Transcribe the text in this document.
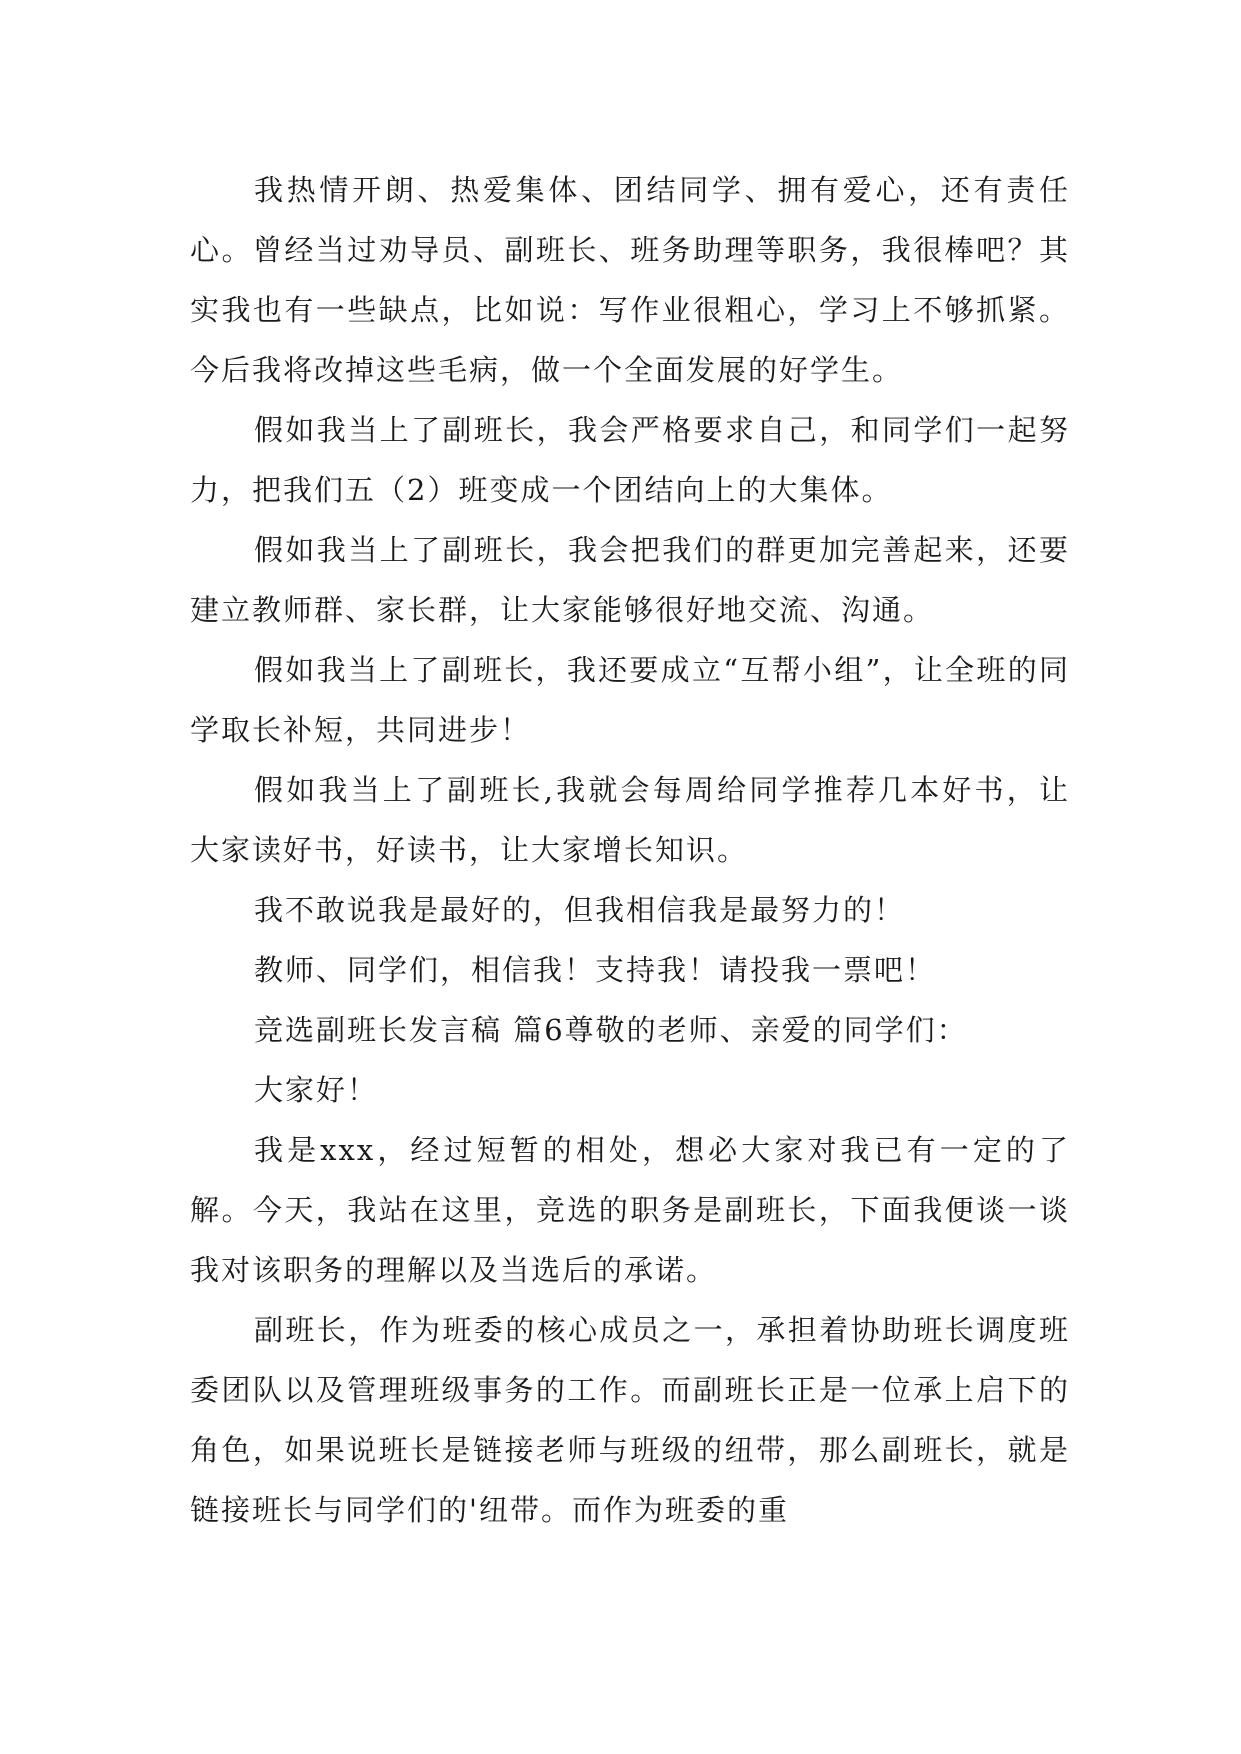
我热情开朗、热爱集体、团结同学、拥有爱心，还有责任心。曾经当过劝导员、副班长、班务助理等职务，我很棒吧？其实我也有一些缺点，比如说：写作业很粗心，学习上不够抓紧。今后我将改掉这些毛病，做一个全面发展的好学生。

假如我当上了副班长，我会严格要求自己，和同学们一起努力，把我们五（2）班变成一个团结向上的大集体。

假如我当上了副班长，我会把我们的群更加完善起来，还要建立教师群、家长群，让大家能够很好地交流、沟通。

假如我当上了副班长，我还要成立“互帮小组”，让全班的同学取长补短，共同进步！

假如我当上了副班长,我就会每周给同学推荐几本好书，让大家读好书，好读书，让大家增长知识。

我不敢说我是最好的，但我相信我是最努力的！

教师、同学们，相信我！支持我！请投我一票吧！

竞选副班长发言稿 篇6尊敬的老师、亲爱的同学们：

大家好！

我是xxx，经过短暂的相处，想必大家对我已有一定的了解。今天，我站在这里，竞选的职务是副班长，下面我便谈一谈我对该职务的理解以及当选后的承诺。

副班长，作为班委的核心成员之一，承担着协助班长调度班委团队以及管理班级事务的工作。而副班长正是一位承上启下的角色，如果说班长是链接老师与班级的纽带，那么副班长，就是链接班长与同学们的'纽带。而作为班委的重
